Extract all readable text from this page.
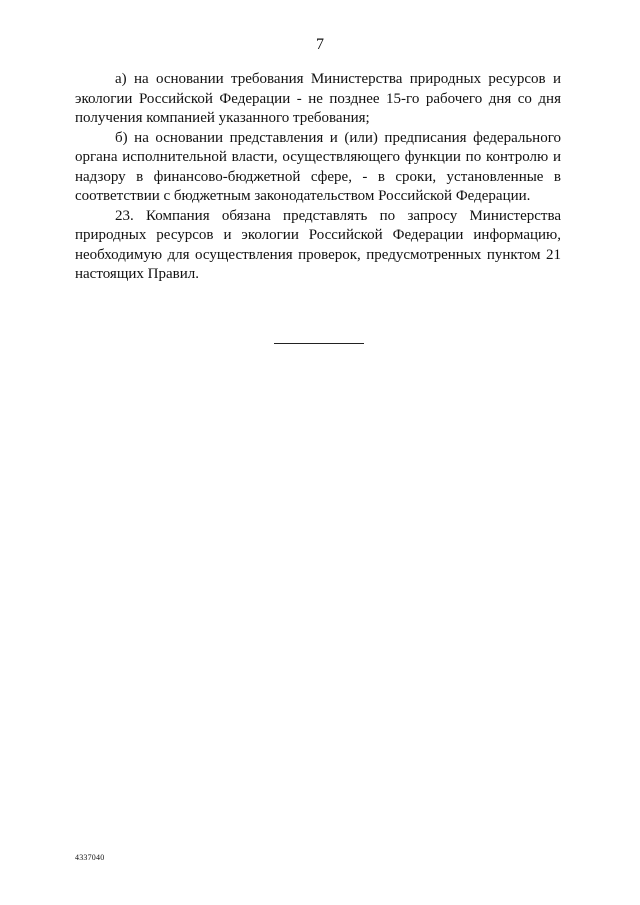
7

а) на основании требования Министерства природных ресурсов и экологии Российской Федерации - не позднее 15-го рабочего дня со дня получения компанией указанного требования;

б) на основании представления и (или) предписания федерального органа исполнительной власти, осуществляющего функции по контролю и надзору в финансово-бюджетной сфере, - в сроки, установленные в соответствии с бюджетным законодательством Российской Федерации.

23. Компания обязана представлять по запросу Министерства природных ресурсов и экологии Российской Федерации информацию, необходимую для осуществления проверок, предусмотренных пунктом 21 настоящих Правил.

4337040
